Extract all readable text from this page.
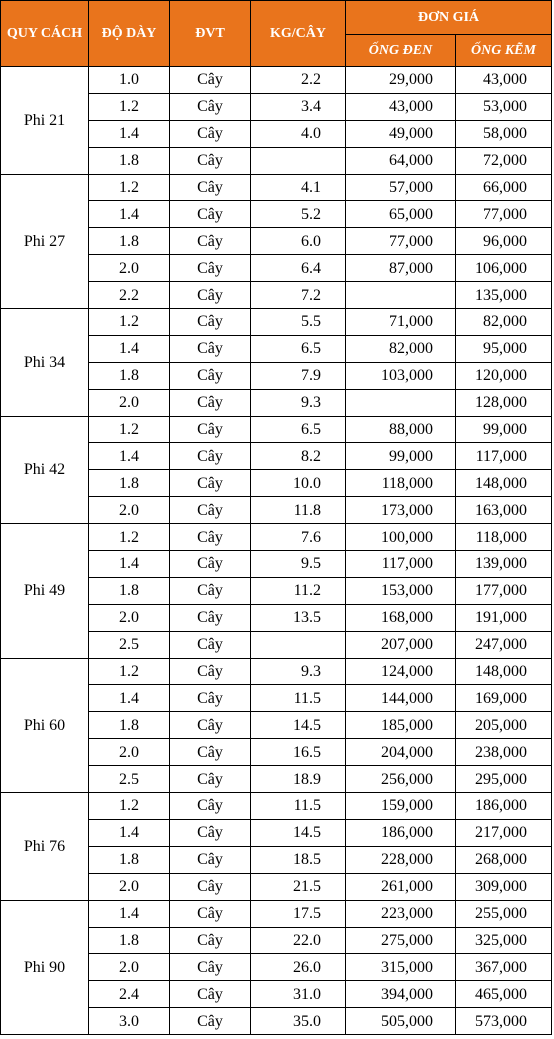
QUY CÁCH	ĐỘ DÀY	ĐVT	KG/CÂY	ĐƠN GIÁ	
				ỐNG ĐEN	ỐNG KẼM
Phi 21	1.0	Cây	2.2	29,000	43,000
	1.2	Cây	3.4	43,000	53,000
	1.4	Cây	4.0	49,000	58,000
	1.8	Cây		64,000	72,000
Phi 27	1.2	Cây	4.1	57,000	66,000
	1.4	Cây	5.2	65,000	77,000
	1.8	Cây	6.0	77,000	96,000
	2.0	Cây	6.4	87,000	106,000
	2.2	Cây	7.2		135,000
Phi 34	1.2	Cây	5.5	71,000	82,000
	1.4	Cây	6.5	82,000	95,000
	1.8	Cây	7.9	103,000	120,000
	2.0	Cây	9.3		128,000
Phi 42	1.2	Cây	6.5	88,000	99,000
	1.4	Cây	8.2	99,000	117,000
	1.8	Cây	10.0	118,000	148,000
	2.0	Cây	11.8	173,000	163,000
Phi 49	1.2	Cây	7.6	100,000	118,000
	1.4	Cây	9.5	117,000	139,000
	1.8	Cây	11.2	153,000	177,000
	2.0	Cây	13.5	168,000	191,000
	2.5	Cây		207,000	247,000
Phi 60	1.2	Cây	9.3	124,000	148,000
	1.4	Cây	11.5	144,000	169,000
	1.8	Cây	14.5	185,000	205,000
	2.0	Cây	16.5	204,000	238,000
	2.5	Cây	18.9	256,000	295,000
Phi 76	1.2	Cây	11.5	159,000	186,000
	1.4	Cây	14.5	186,000	217,000
	1.8	Cây	18.5	228,000	268,000
	2.0	Cây	21.5	261,000	309,000
Phi 90	1.4	Cây	17.5	223,000	255,000
	1.8	Cây	22.0	275,000	325,000
	2.0	Cây	26.0	315,000	367,000
	2.4	Cây	31.0	394,000	465,000
	3.0	Cây	35.0	505,000	573,000
